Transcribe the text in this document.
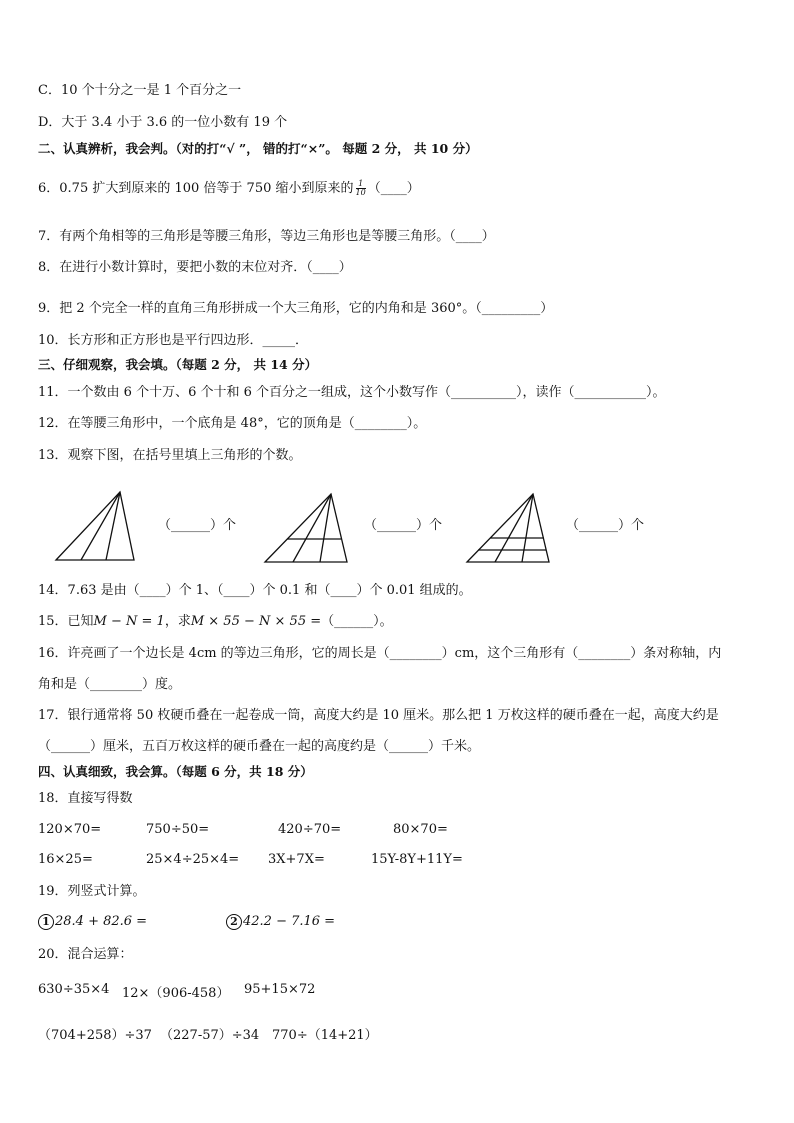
C．10 个十分之一是 1 个百分之一
D．大于 3.4 小于 3.6 的一位小数有 19 个
二、认真辨析，我会判。（对的打“√ ”， 错的打“×”。 每题 2 分， 共 10 分）
6．0.75 扩大到原来的 100 倍等于 750 缩小到原来的 $\frac{1}{10}$ （____）
7．有两个角相等的三角形是等腰三角形，等边三角形也是等腰三角形。（____）
8．在进行小数计算时，要把小数的末位对齐．（____）
9．把 2 个完全一样的直角三角形拼成一个大三角形，它的内角和是 360°。（_________）
10．长方形和正方形也是平行四边形．_____．
三、仔细观察，我会填。（每题 2 分， 共 14 分）
11．一个数由 6 个十万、6 个十和 6 个百分之一组成，这个小数写作（__________），读作（___________）。
12．在等腰三角形中，一个底角是 48°，它的顶角是（________）。
13．观察下图，在括号里填上三角形的个数。
（______）个	（______）个	（______）个
14．7.63 是由（____）个 1、（____）个 0.1 和（____）个 0.01 组成的。
15．已知M − N = 1，求M × 55 − N × 55 =（______）。
16．许亮画了一个边长是 4cm 的等边三角形，它的周长是（________）cm，这个三角形有（________）条对称轴，内
角和是（________）度。
17．银行通常将 50 枚硬币叠在一起卷成一筒，高度大约是 10 厘米。那么把 1 万枚这样的硬币叠在一起，高度大约是
（______）厘米，五百万枚这样的硬币叠在一起的高度约是（______）千米。
四、认真细致，我会算。（每题 6 分，共 18 分）
18．直接写得数
120×70=	750÷50=	420÷70=	80×70=
16×25=	25×4÷25×4= 3X+7X=	15Y-8Y+11Y=
19．列竖式计算。
1 28.4 + 82.6 =	2 42.2 − 7.16 =
20．混合运算：
630÷35×4 12×（906-458） 95+15×72
（704+258）÷37 （227-57）÷34 770÷（14+21）
